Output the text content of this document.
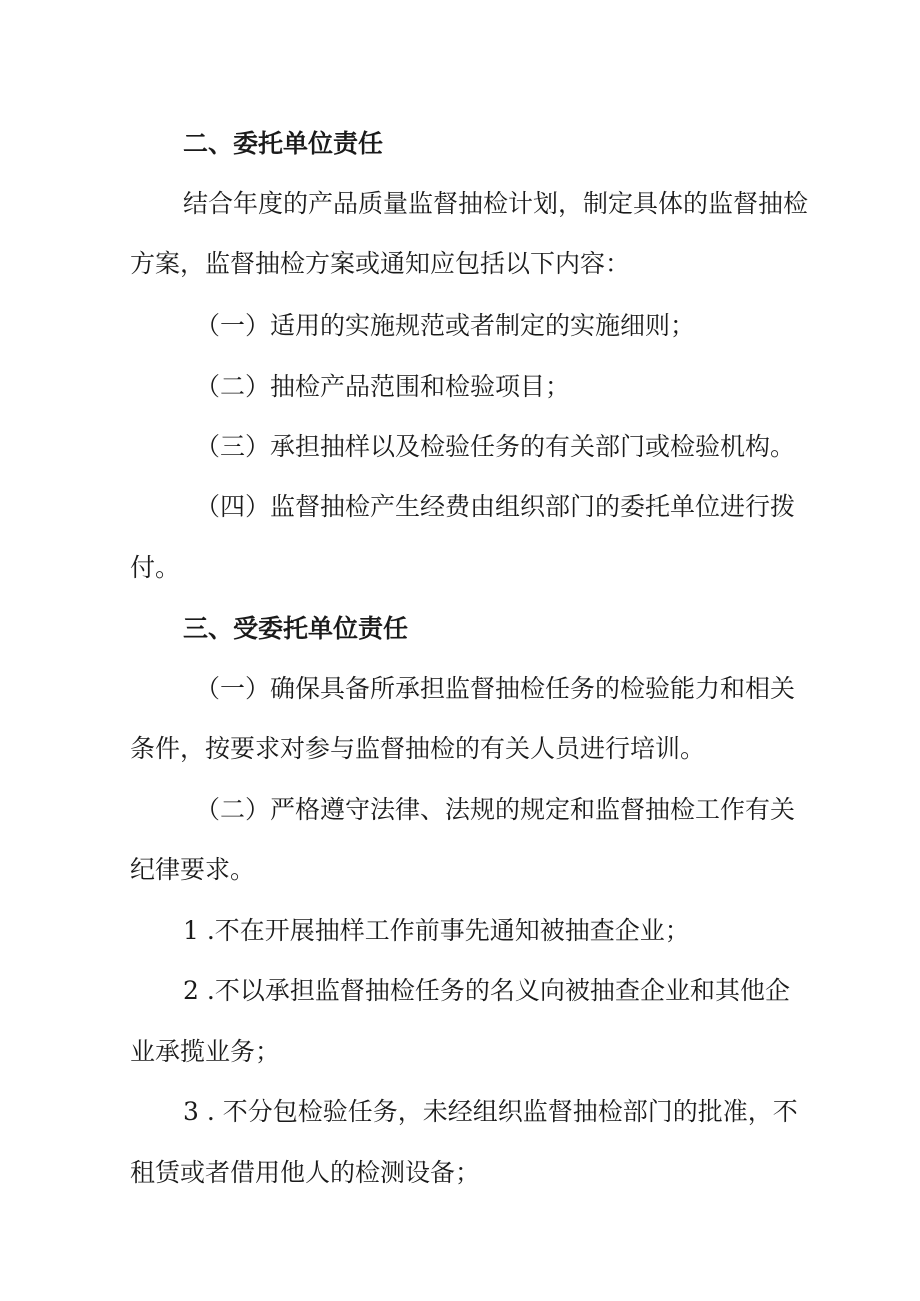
二、委托单位责任

结合年度的产品质量监督抽检计划，制定具体的监督抽检

方案，监督抽检方案或通知应包括以下内容：

（一）适用的实施规范或者制定的实施细则；

（二）抽检产品范围和检验项目；

（三）承担抽样以及检验任务的有关部门或检验机构。

（四）监督抽检产生经费由组织部门的委托单位进行拨

付。

三、受委托单位责任

（一）确保具备所承担监督抽检任务的检验能力和相关

条件，按要求对参与监督抽检的有关人员进行培训。

（二）严格遵守法律、法规的规定和监督抽检工作有关

纪律要求。

1 .不在开展抽样工作前事先通知被抽查企业；

2 .不以承担监督抽检任务的名义向被抽查企业和其他企

业承揽业务；

3 . 不分包检验任务，未经组织监督抽检部门的批准，不

租赁或者借用他人的检测设备；
